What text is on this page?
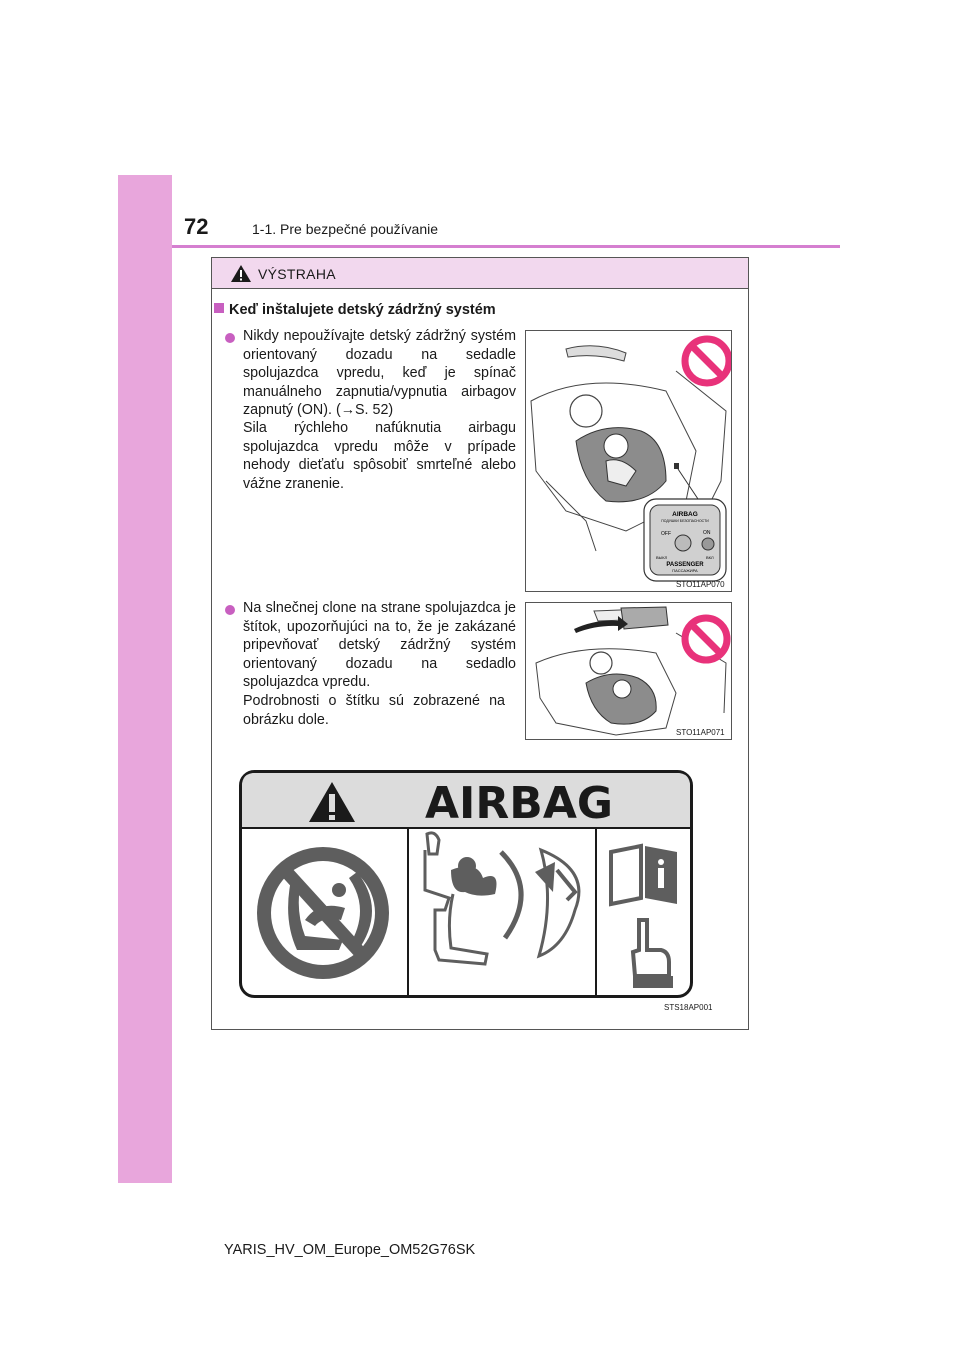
72	1-1. Pre bezpečné používanie
VÝSTRAHA
Keď inštalujete detský zádržný systém
Nikdy nepoužívajte detský zádržný systém orientovaný dozadu na sedadle spolujazdca vpredu, keď je spínač manuálneho zapnutia/vypnutia airbagov zapnutý (ON). (→S. 52)
Sila rýchleho nafúknutia airbagu spolujazdca vpredu môže v prípade nehody dieťaťu spôsobiť smrteľné alebo vážne zranenie.
AIRBAG
ПОДУШКИ БЕЗОПАСНОСТИ
OFF	ON
ВЫКЛ	ВКЛ
PASSENGER
ПАССАЖИРА
STO11AP070
Na slnečnej clone na strane spolujazdca je štítok, upozorňujúci na to, že je zakázané pripevňovať detský zádržný systém orientovaný dozadu na sedadlo spolujazdca vpredu.
Podrobnosti o štítku sú zobrazené na obrázku dole.
STO11AP071
AIRBAG
STS18AP001
YARIS_HV_OM_Europe_OM52G76SK
